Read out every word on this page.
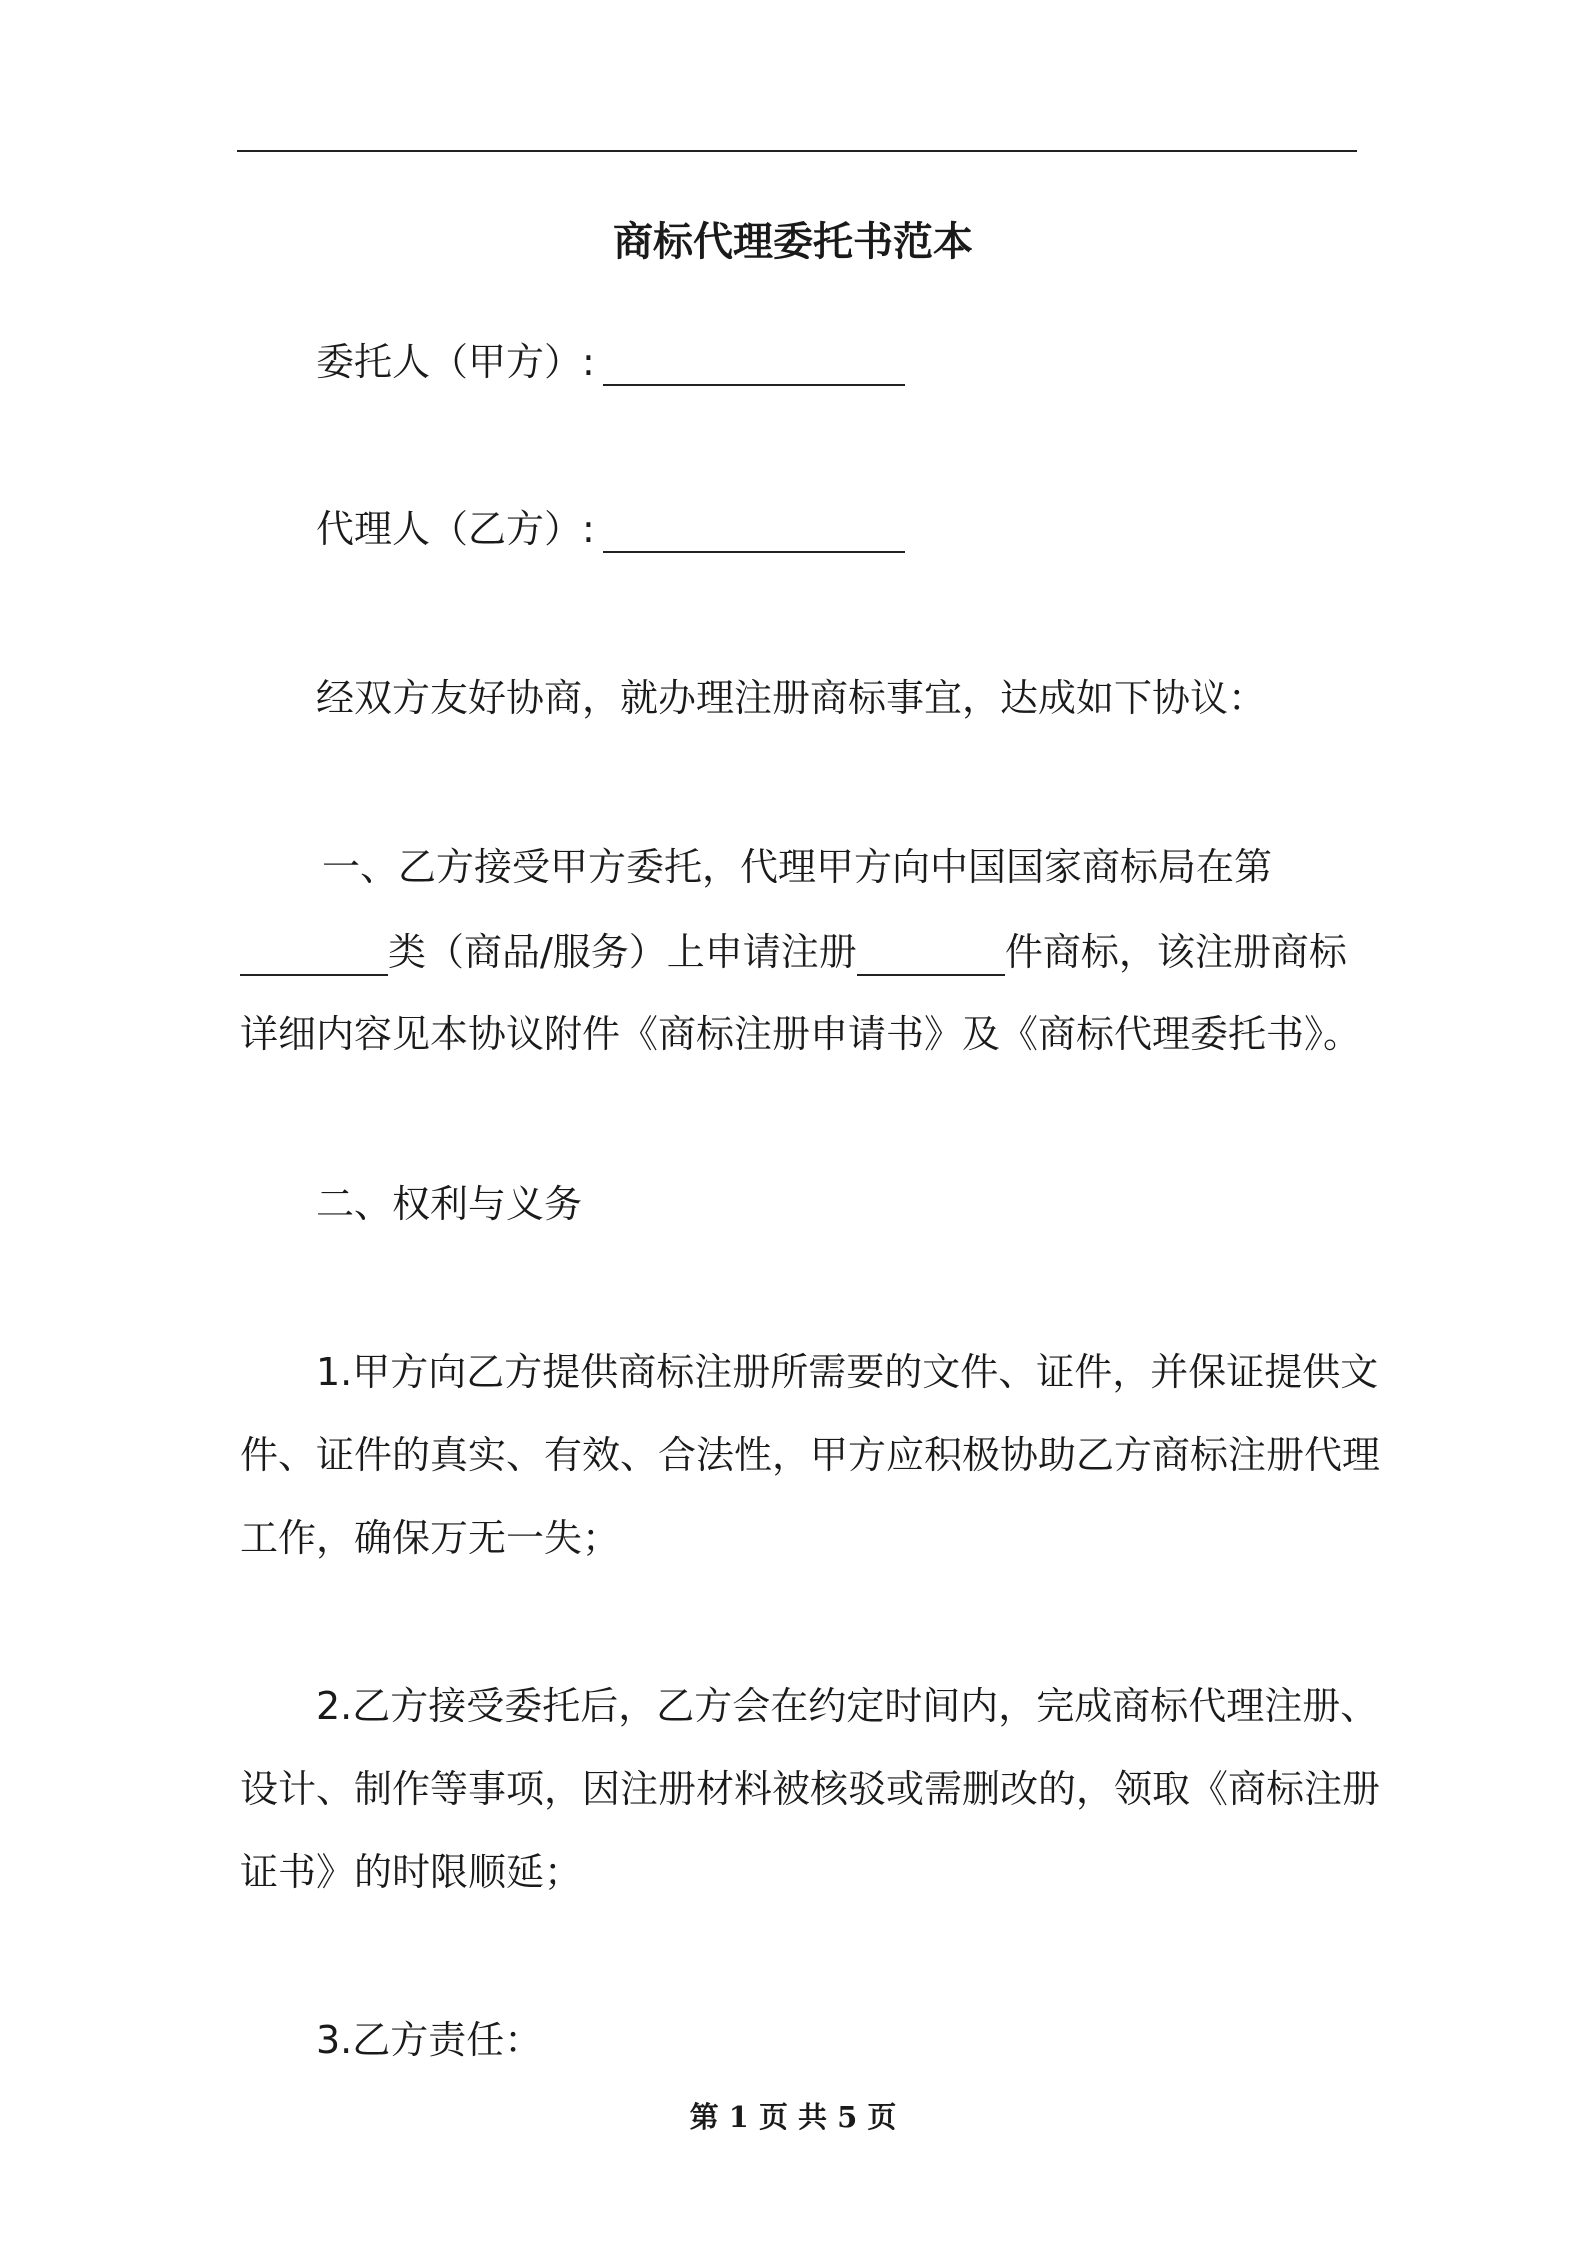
商标代理委托书范本
委托人（甲方）:
代理人（乙方）:
经双方友好协商，就办理注册商标事宜，达成如下协议：
一、乙方接受甲方委托，代理甲方向中国国家商标局在第
类（商品/服务）上申请注册	件商标，该注册商标
详细内容见本协议附件《商标注册申请书》及《商标代理委托书》。
二、权利与义务
1.甲方向乙方提供商标注册所需要的文件、证件，并保证提供文
件、证件的真实、有效、合法性，甲方应积极协助乙方商标注册代理
工作，确保万无一失；
2.乙方接受委托后，乙方会在约定时间内，完成商标代理注册、
设计、制作等事项，因注册材料被核驳或需删改的，领取《商标注册
证书》的时限顺延；
3.乙方责任：
第 1 页 共 5 页
